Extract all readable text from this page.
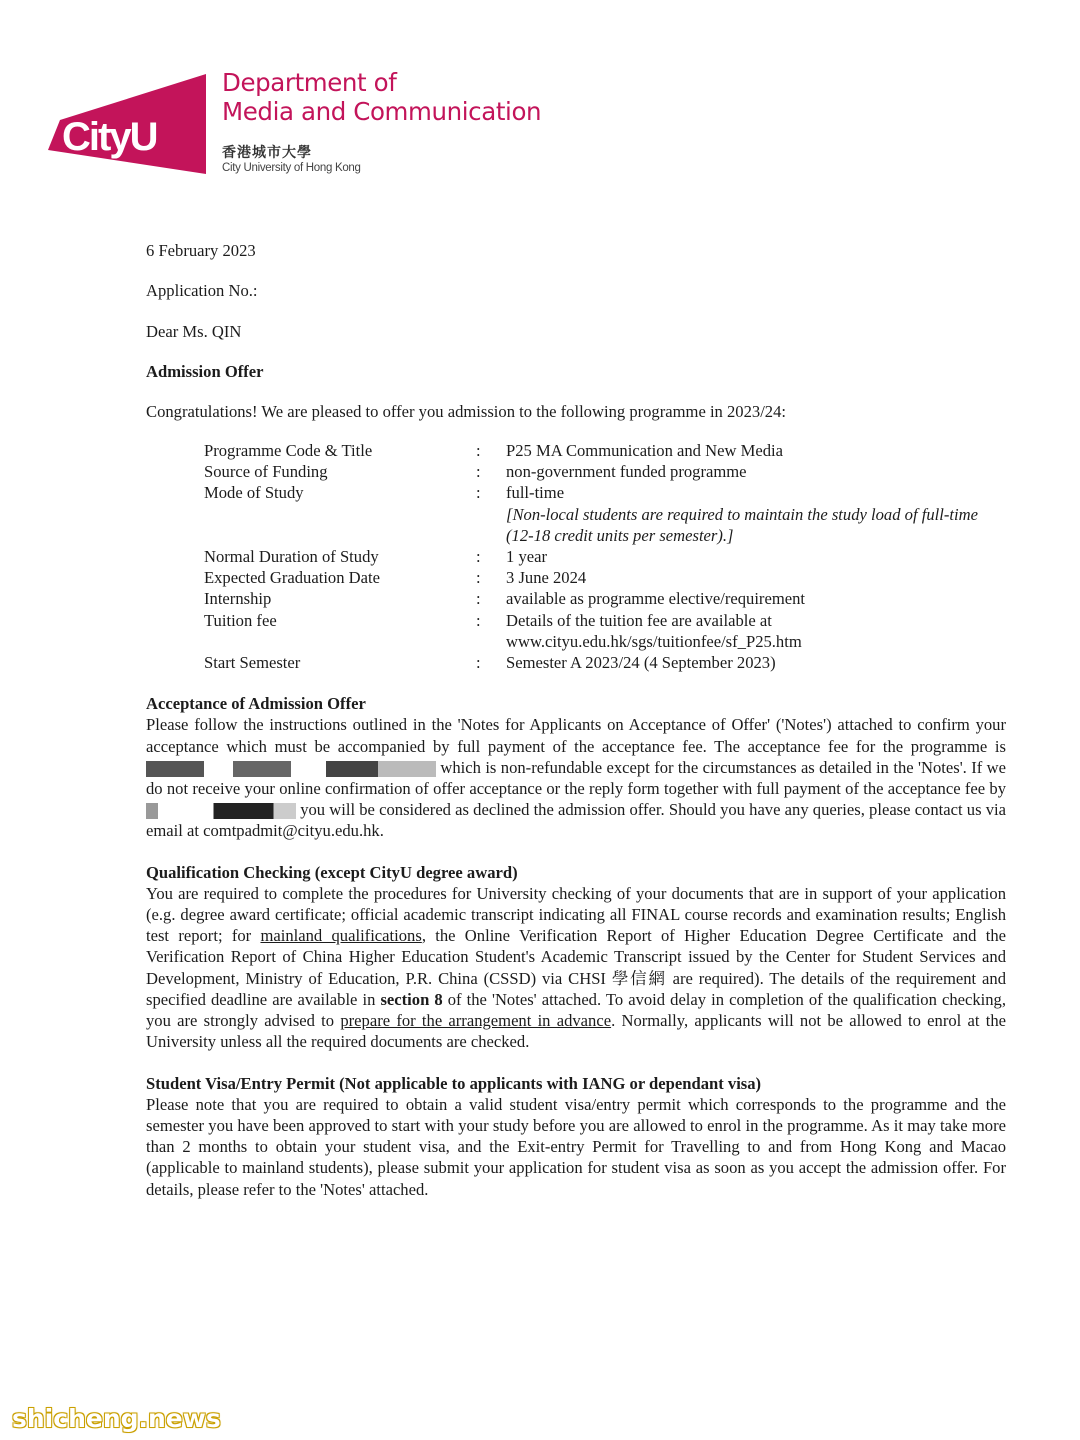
CityU
Department of
Media and Communication
香港城市大學
City University of Hong Kong

6 February 2023

Application No.:

Dear Ms. QIN

Admission Offer

Congratulations! We are pleased to offer you admission to the following programme in 2023/24:

Programme Code & Title	:	P25 MA Communication and New Media

Source of Funding	:	non-government funded programme

Mode of Study	:	full-time
[Non-local students are required to maintain the study load of full-time (12-18 credit units per semester).]

Normal Duration of Study	:	1 year

Expected Graduation Date	:	3 June 2024

Internship	:	available as programme elective/requirement

Tuition fee	:	Details of the tuition fee are available at www.cityu.edu.hk/sgs/tuitionfee/sf_P25.htm

Start Semester	:	Semester A 2023/24 (4 September 2023)
Acceptance of Admission Offer

Please follow the instructions outlined in the 'Notes for Applicants on Acceptance of Offer' ('Notes') attached to confirm your acceptance which must be accompanied by full payment of the acceptance fee. The acceptance fee for the programme is  which is non-refundable except for the circumstances as detailed in the 'Notes'. If we do not receive your online confirmation of offer acceptance or the reply form together with full payment of the acceptance fee by  you will be considered as declined the admission offer. Should you have any queries, please contact us via email at comtpadmit@cityu.edu.hk.

Qualification Checking (except CityU degree award)

You are required to complete the procedures for University checking of your documents that are in support of your application (e.g. degree award certificate; official academic transcript indicating all FINAL course records and examination results; English test report; for mainland qualifications, the Online Verification Report of Higher Education Degree Certificate and the Verification Report of China Higher Education Student's Academic Transcript issued by the Center for Student Services and Development, Ministry of Education, P.R. China (CSSD) via CHSI 學信網 are required). The details of the requirement and specified deadline are available in section 8 of the 'Notes' attached. To avoid delay in completion of the qualification checking, you are strongly advised to prepare for the arrangement in advance. Normally, applicants will not be allowed to enrol at the University unless all the required documents are checked.

Student Visa/Entry Permit (Not applicable to applicants with IANG or dependant visa)

Please note that you are required to obtain a valid student visa/entry permit which corresponds to the programme and the semester you have been approved to start with your study before you are allowed to enrol in the programme. As it may take more than 2 months to obtain your student visa, and the Exit-entry Permit for Travelling to and from Hong Kong and Macao (applicable to mainland students), please submit your application for student visa as soon as you accept the admission offer. For details, please refer to the 'Notes' attached.

shicheng.news
